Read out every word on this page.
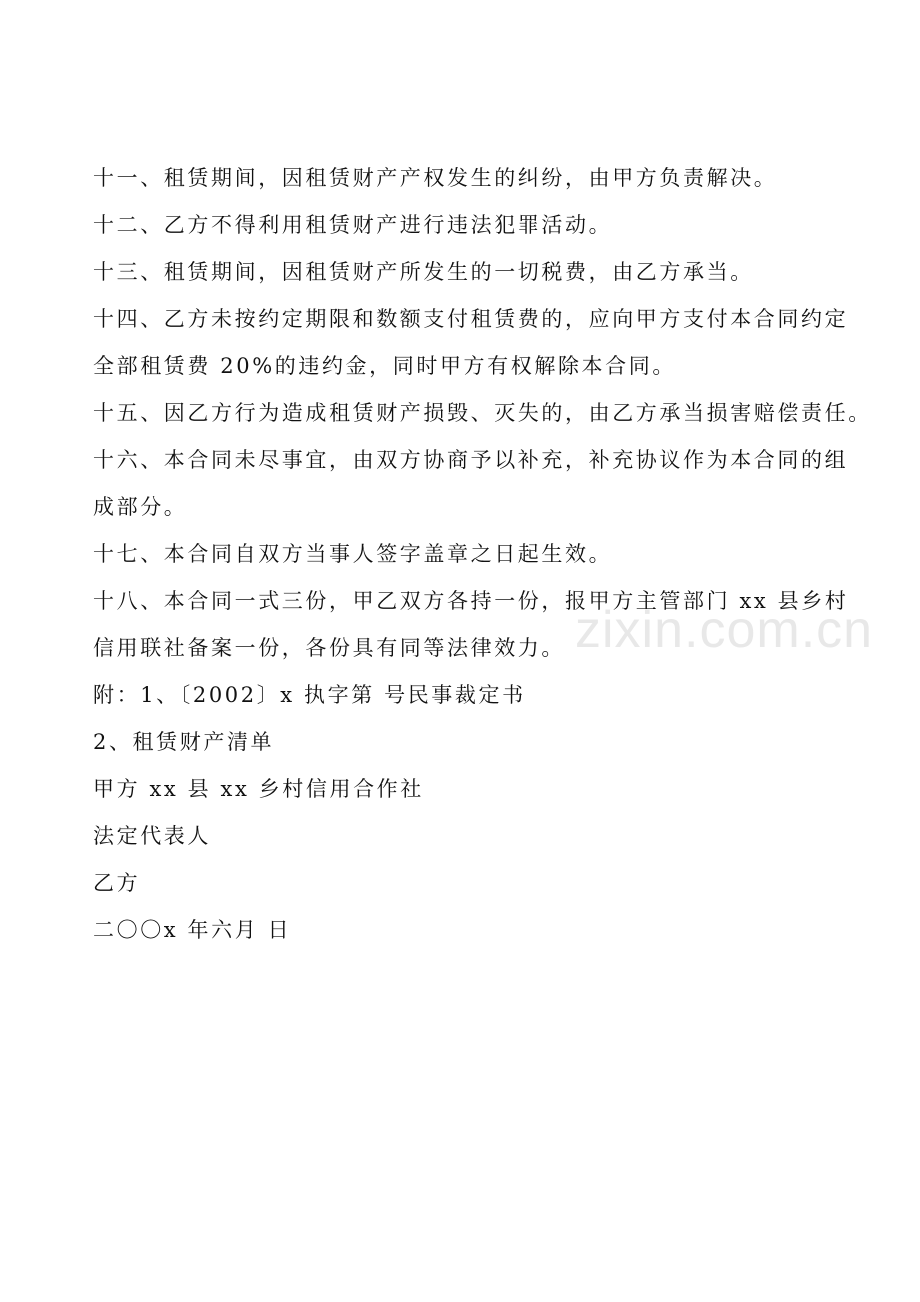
十一、租赁期间，因租赁财产产权发生的纠纷，由甲方负责解决。

十二、乙方不得利用租赁财产进行违法犯罪活动。

十三、租赁期间，因租赁财产所发生的一切税费，由乙方承当。

十四、乙方未按约定期限和数额支付租赁费的，应向甲方支付本合同约定

全部租赁费 20%的违约金，同时甲方有权解除本合同。

十五、因乙方行为造成租赁财产损毁、灭失的，由乙方承当损害赔偿责任。

十六、本合同未尽事宜，由双方协商予以补充，补充协议作为本合同的组

成部分。

十七、本合同自双方当事人签字盖章之日起生效。

十八、本合同一式三份，甲乙双方各持一份，报甲方主管部门 xx 县乡村

信用联社备案一份，各份具有同等法律效力。

附：1、〔2002〕x 执字第 号民事裁定书

2、租赁财产清单

甲方 xx 县 xx 乡村信用合作社

法定代表人

乙方

二〇〇x 年六月 日

zixin.com.cn
